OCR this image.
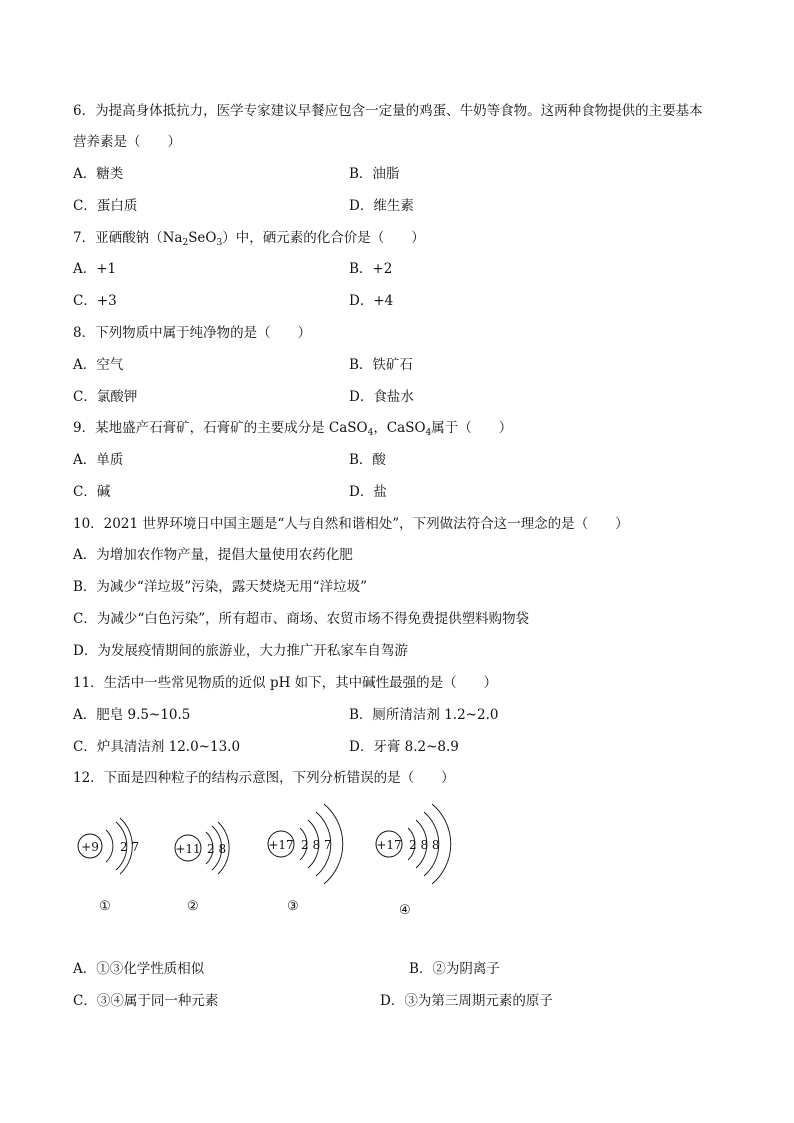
6．为提高身体抵抗力，医学专家建议早餐应包含一定量的鸡蛋、牛奶等食物。这两种食物提供的主要基本
营养素是（　　）
A．糖类	B．油脂
C．蛋白质	D．维生素
7．亚硒酸钠$(Na_2SeO_3)$中，硒元素的化合价是（　　）
A．+1	B．+2
C．+3	D．+4
8．下列物质中属于纯净物的是（　　）
A．空气	B．铁矿石
C．氯酸钾	D．食盐水
9．某地盛产石膏矿，石膏矿的主要成分是 CaSO$_4$，CaSO$_4$属于（　　）
A．单质	B．酸
C．碱	D．盐
10．2021 世界环境日中国主题是“人与自然和谐相处”，下列做法符合这一理念的是（　　）
A．为增加农作物产量，提倡大量使用农药化肥
B．为减少“洋垃圾”污染，露天焚烧无用“洋垃圾”
C．为减少“白色污染”，所有超市、商场、农贸市场不得免费提供塑料购物袋
D．为发展疫情期间的旅游业，大力推广开私家车自驾游
11．生活中一些常见物质的近似 pH 如下，其中碱性最强的是（　　）
A．肥皂 9.5~10.5	B．厕所清洁剂 1.2~2.0
C．炉具清洁剂 12.0~13.0	D．牙膏 8.2~8.9
12．下面是四种粒子的结构示意图，下列分析错误的是（　　）
+9 2 7
①
+11 2 8
②
+17 2 8 7
③
+17 2 8 8
④
A．①③化学性质相似	B．②为阴离子
C．③④属于同一种元素	D．③为第三周期元素的原子
